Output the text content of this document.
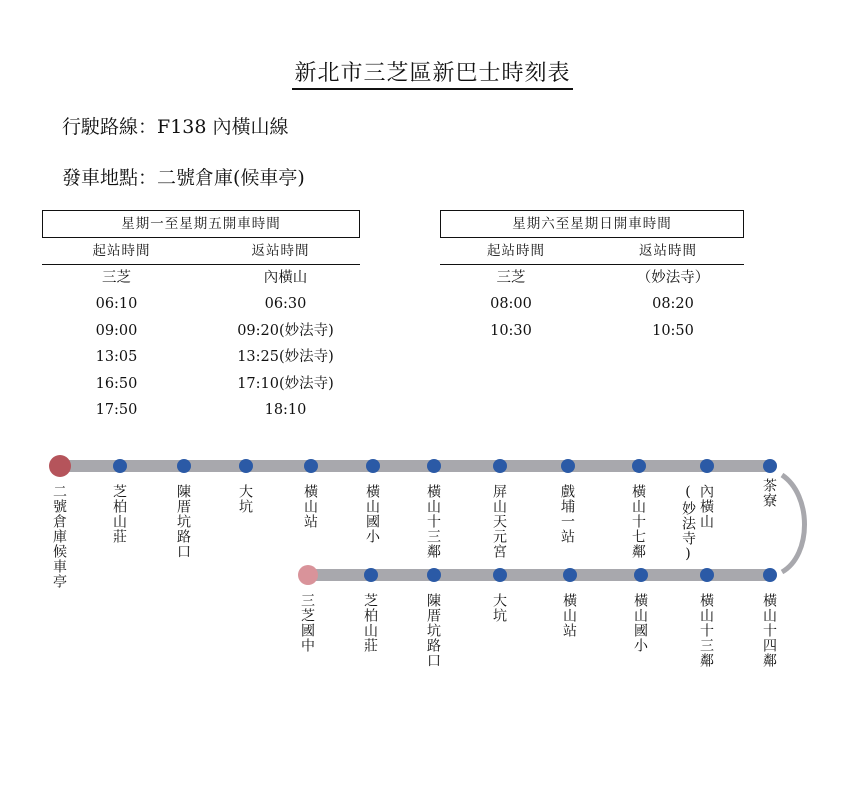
新北市三芝區新巴士時刻表
行駛路線：F138 內橫山線
發車地點：二號倉庫(候車亭)
星期一至星期五開車時間
起站時間	返站時間
三芝	內橫山
06:10	06:30
09:00	09:20(妙法寺)
13:05	13:25(妙法寺)
16:50	17:10(妙法寺)
17:50	18:10
星期六至星期日開車時間
起站時間	返站時間
三芝	（妙法寺）
08:00	08:20
10:30	10:50
二號倉庫候車亭	芝柏山莊	陳厝坑路口	大坑	橫山站	橫山國小	橫山十三鄰	屏山天元宮	戲埔一站	橫山十七鄰 (妙法寺) 內橫山	茶寮
三芝國中	芝柏山莊	陳厝坑路口	大坑	橫山站	橫山國小	橫山十三鄰	橫山十四鄰
